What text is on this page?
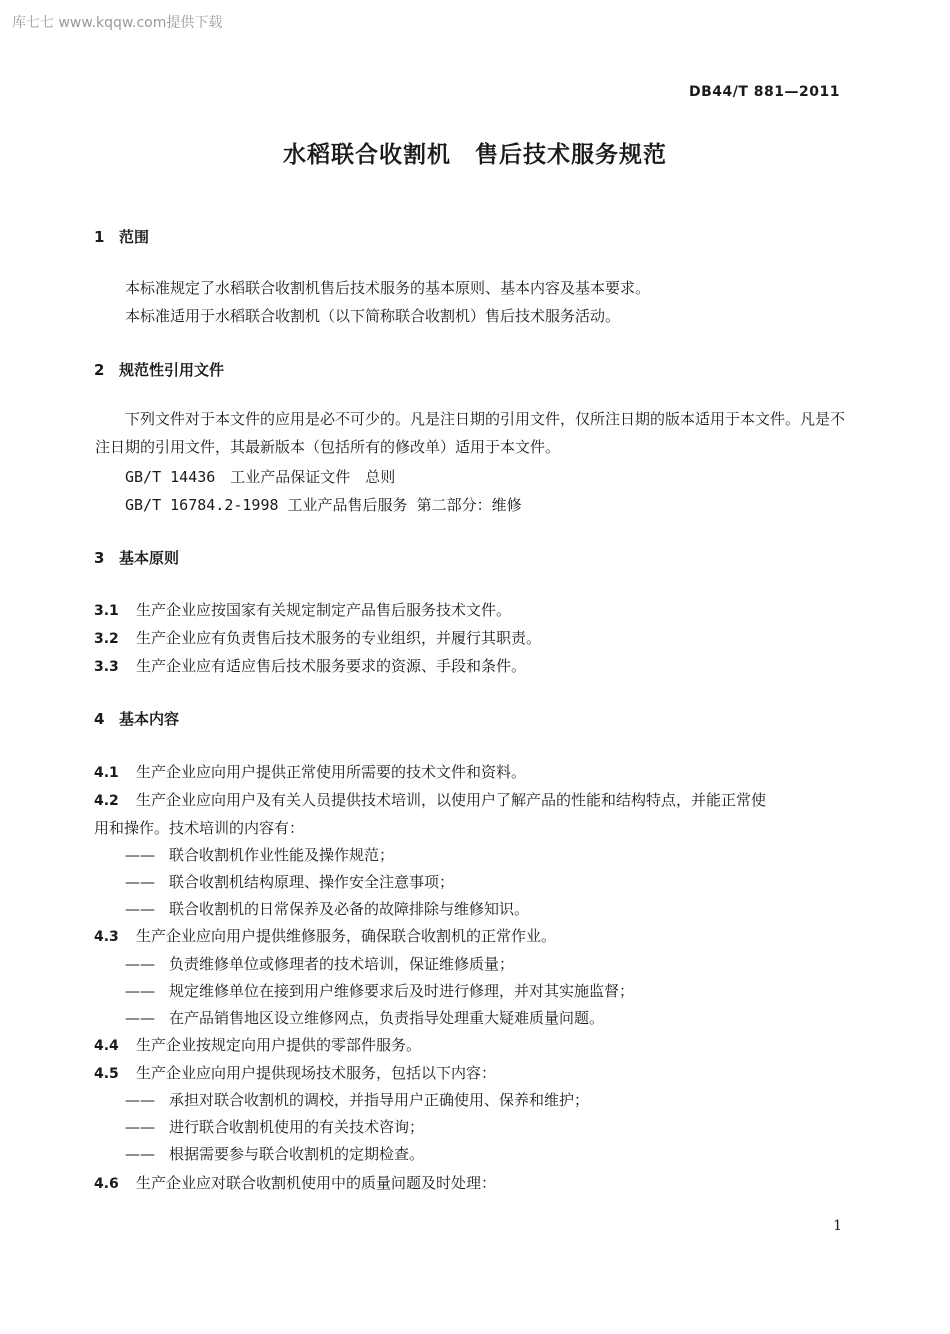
库七七 www.kqqw.com提供下载
DB44/T 881—2011
水稻联合收割机　售后技术服务规范
1 范围
本标准规定了水稻联合收割机售后技术服务的基本原则、基本内容及基本要求。
本标准适用于水稻联合收割机（以下简称联合收割机）售后技术服务活动。
2 规范性引用文件
下列文件对于本文件的应用是必不可少的。凡是注日期的引用文件，仅所注日期的版本适用于本文件。凡是不注日期的引用文件，其最新版本（包括所有的修改单）适用于本文件。
GB/T 14436　工业产品保证文件　总则
GB/T 16784.2-1998 工业产品售后服务 第二部分：维修
3 基本原则
3.1 生产企业应按国家有关规定制定产品售后服务技术文件。
3.2 生产企业应有负责售后技术服务的专业组织，并履行其职责。
3.3 生产企业应有适应售后技术服务要求的资源、手段和条件。
4 基本内容
4.1 生产企业应向用户提供正常使用所需要的技术文件和资料。
4.2 生产企业应向用户及有关人员提供技术培训，以使用户了解产品的性能和结构特点，并能正常使
用和操作。技术培训的内容有：
—— 联合收割机作业性能及操作规范；
—— 联合收割机结构原理、操作安全注意事项；
—— 联合收割机的日常保养及必备的故障排除与维修知识。
4.3 生产企业应向用户提供维修服务，确保联合收割机的正常作业。
—— 负责维修单位或修理者的技术培训，保证维修质量；
—— 规定维修单位在接到用户维修要求后及时进行修理，并对其实施监督；
—— 在产品销售地区设立维修网点，负责指导处理重大疑难质量问题。
4.4 生产企业按规定向用户提供的零部件服务。
4.5 生产企业应向用户提供现场技术服务，包括以下内容：
—— 承担对联合收割机的调校，并指导用户正确使用、保养和维护；
—— 进行联合收割机使用的有关技术咨询；
—— 根据需要参与联合收割机的定期检查。
4.6 生产企业应对联合收割机使用中的质量问题及时处理：
1
